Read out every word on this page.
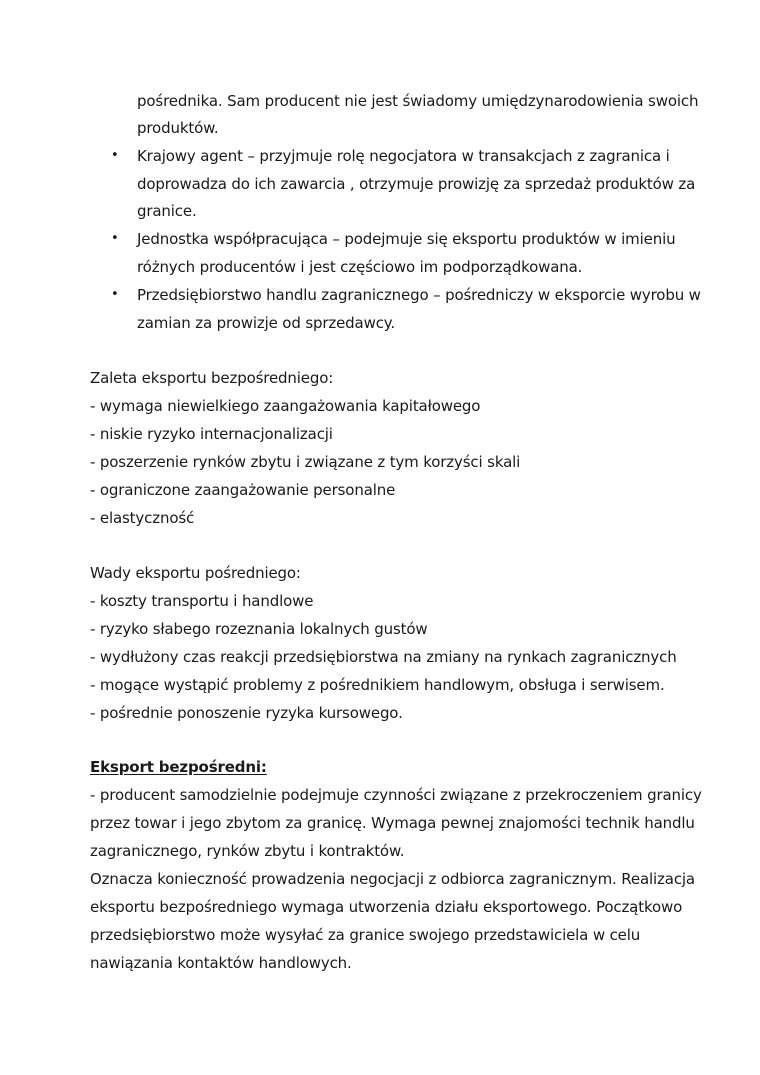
pośrednika. Sam producent nie jest świadomy umiędzynarodowienia swoich
produktów.
• Krajowy agent – przyjmuje rolę negocjatora w transakcjach z zagranica i
doprowadza do ich zawarcia , otrzymuje prowizję za sprzedaż produktów za
granice.
• Jednostka współpracująca – podejmuje się eksportu produktów w imieniu
różnych producentów i jest częściowo im podporządkowana.
• Przedsiębiorstwo handlu zagranicznego – pośredniczy w eksporcie wyrobu w
zamian za prowizje od sprzedawcy.
Zaleta eksportu bezpośredniego:
- wymaga niewielkiego zaangażowania kapitałowego
- niskie ryzyko internacjonalizacji
- poszerzenie rynków zbytu i związane z tym korzyści skali
- ograniczone zaangażowanie personalne
- elastyczność
Wady eksportu pośredniego:
- koszty transportu i handlowe
- ryzyko słabego rozeznania lokalnych gustów
- wydłużony czas reakcji przedsiębiorstwa na zmiany na rynkach zagranicznych
- mogące wystąpić problemy z pośrednikiem handlowym, obsługa i serwisem.
- pośrednie ponoszenie ryzyka kursowego.
Eksport bezpośredni:
- producent samodzielnie podejmuje czynności związane z przekroczeniem granicy
przez towar i jego zbytom za granicę. Wymaga pewnej znajomości technik handlu
zagranicznego, rynków zbytu i kontraktów.
Oznacza konieczność prowadzenia negocjacji z odbiorca zagranicznym. Realizacja
eksportu bezpośredniego wymaga utworzenia działu eksportowego. Początkowo
przedsiębiorstwo może wysyłać za granice swojego przedstawiciela w celu
nawiązania kontaktów handlowych.
